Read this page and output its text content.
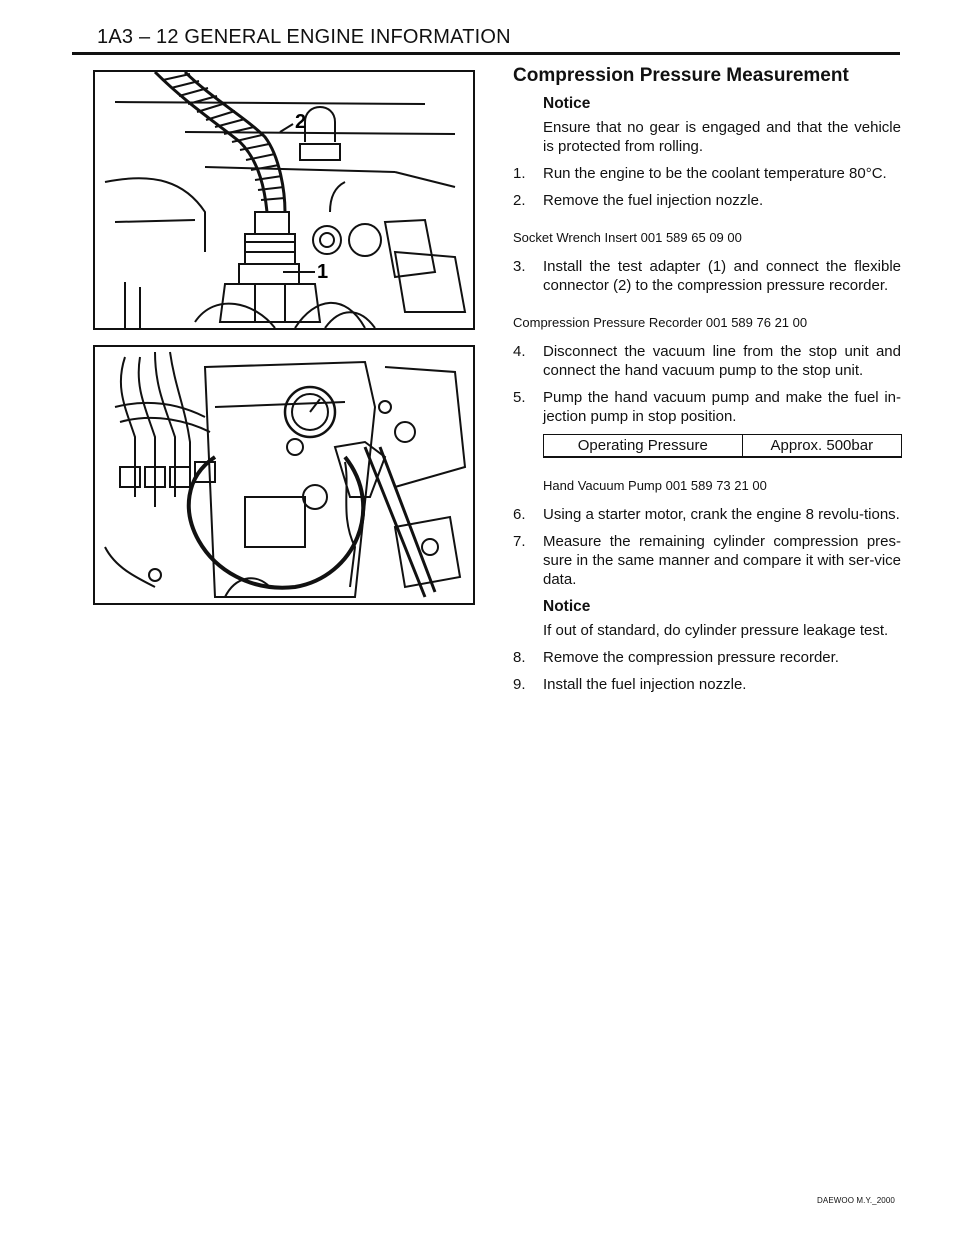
1A3 – 12 GENERAL ENGINE INFORMATION
2
1
Compression Pressure Measurement
Notice
Ensure that no gear is engaged and that the vehicle is protected from rolling.
1.	Run the engine to be the coolant temperature 80°C.
2.	Remove the fuel injection nozzle.
Socket Wrench Insert 001 589 65 09 00
3.	Install the test adapter (1) and connect the flexible connector (2) to the compression pressure recorder.
Compression Pressure Recorder 001 589 76 21 00
4.	Disconnect the vacuum line from the stop unit and connect the hand vacuum pump to the stop unit.
5.	Pump the hand vacuum pump and make the fuel in-jection pump in stop position.
Operating Pressure	Approx. 500bar
Hand Vacuum Pump 001 589 73 21 00
6.	Using a starter motor, crank the engine 8 revolu-tions.
7.	Measure the remaining cylinder compression pres-sure in the same manner and compare it with ser-vice data.
Notice
If out of standard, do cylinder pressure leakage test.
8.	Remove the compression pressure recorder.
9.	Install the fuel injection nozzle.
DAEWOO M.Y._2000
